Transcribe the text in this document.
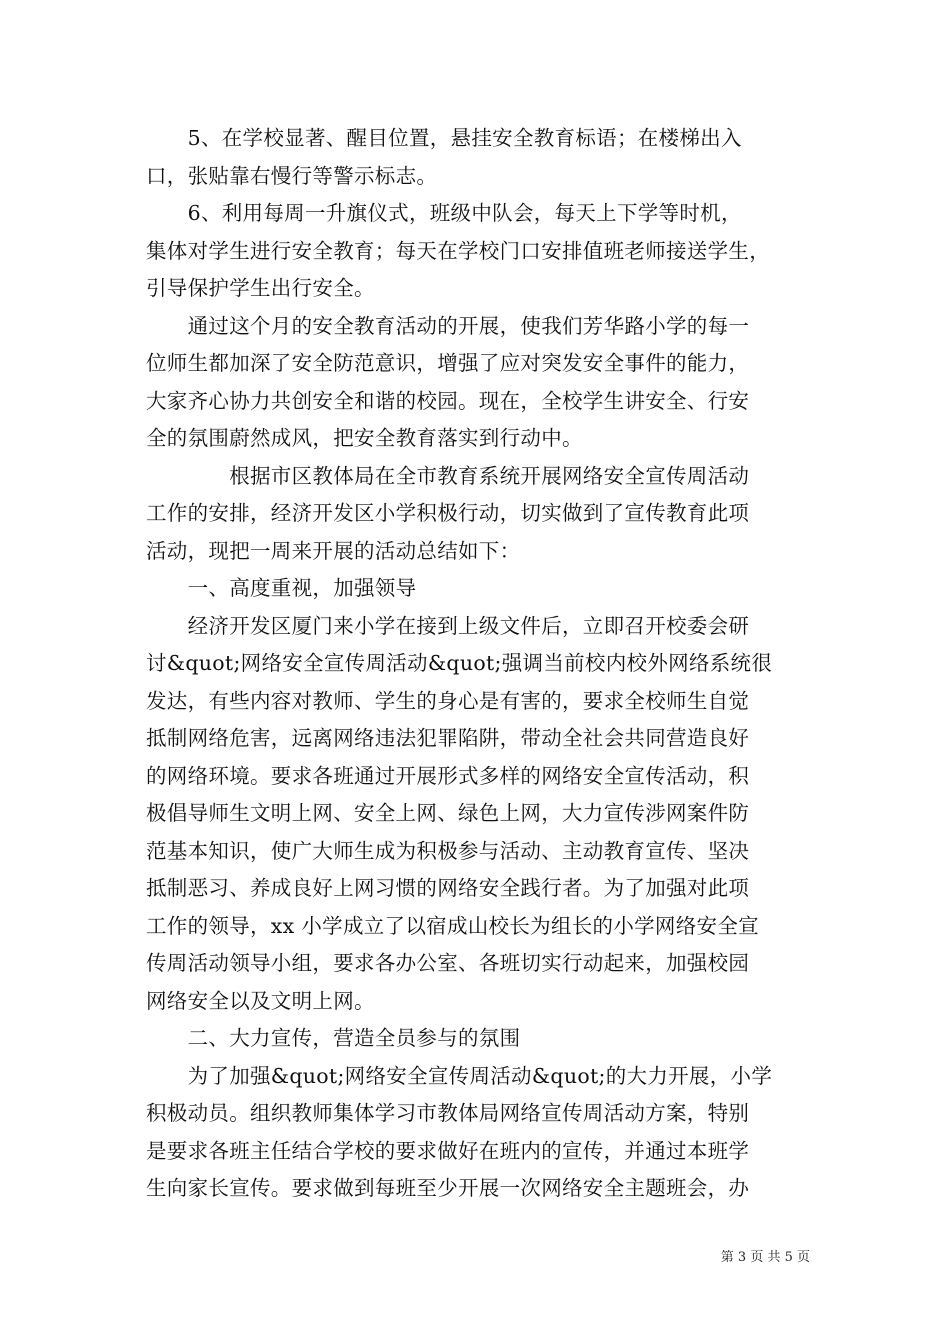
　　5、在学校显著、醒目位置，悬挂安全教育标语；在楼梯出入
口，张贴靠右慢行等警示标志。
　　6、利用每周一升旗仪式，班级中队会，每天上下学等时机，
集体对学生进行安全教育；每天在学校门口安排值班老师接送学生，
引导保护学生出行安全。
　　通过这个月的安全教育活动的开展，使我们芳华路小学的每一
位师生都加深了安全防范意识，增强了应对突发安全事件的能力，
大家齐心协力共创安全和谐的校园。现在，全校学生讲安全、行安
全的氛围蔚然成风，把安全教育落实到行动中。
　　　　根据市区教体局在全市教育系统开展网络安全宣传周活动
工作的安排，经济开发区小学积极行动，切实做到了宣传教育此项
活动，现把一周来开展的活动总结如下：
　　一、高度重视，加强领导
　　经济开发区厦门来小学在接到上级文件后，立即召开校委会研
讨&quot;网络安全宣传周活动&quot;强调当前校内校外网络系统很
发达，有些内容对教师、学生的身心是有害的，要求全校师生自觉
抵制网络危害，远离网络违法犯罪陷阱，带动全社会共同营造良好
的网络环境。要求各班通过开展形式多样的网络安全宣传活动，积
极倡导师生文明上网、安全上网、绿色上网，大力宣传涉网案件防
范基本知识，使广大师生成为积极参与活动、主动教育宣传、坚决
抵制恶习、养成良好上网习惯的网络安全践行者。为了加强对此项
工作的领导，xx 小学成立了以宿成山校长为组长的小学网络安全宣
传周活动领导小组，要求各办公室、各班切实行动起来，加强校园
网络安全以及文明上网。
　　二、大力宣传，营造全员参与的氛围
　　为了加强&quot;网络安全宣传周活动&quot;的大力开展，小学
积极动员。组织教师集体学习市教体局网络宣传周活动方案，特别
是要求各班主任结合学校的要求做好在班内的宣传，并通过本班学
生向家长宣传。要求做到每班至少开展一次网络安全主题班会，办

第 3 页 共 5 页
